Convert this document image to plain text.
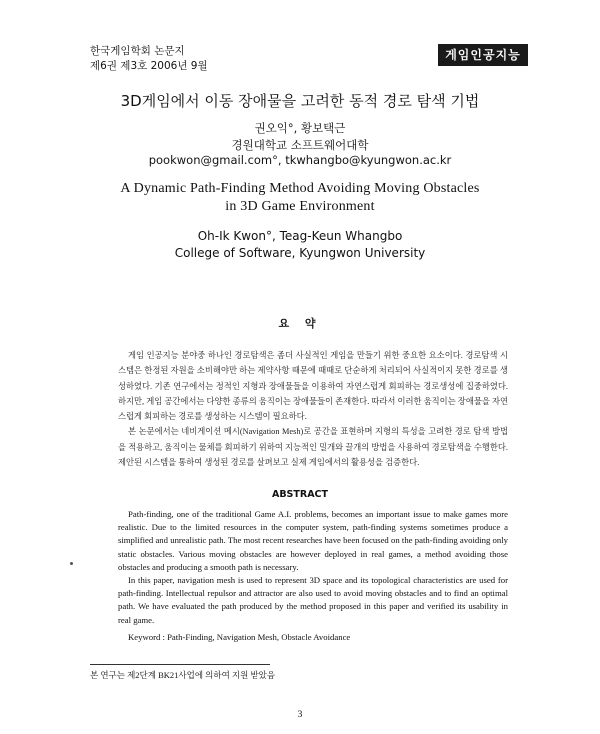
한국게임학회 논문지
제6권 제3호 2006년 9월
게임인공지능
3D게임에서 이동 장애물을 고려한 동적 경로 탐색 기법
권오익°, 황보택근
경원대학교 소프트웨어대학
pookwon@gmail.com°, tkwhangbo@kyungwon.ac.kr
A Dynamic Path-Finding Method Avoiding Moving Obstacles
in 3D Game Environment
Oh-Ik Kwon°, Teag-Keun Whangbo
College of Software, Kyungwon University
요 약

게임 인공지능 분야중 하나인 경로탐색은 좀더 사실적인 게임을 만들기 위한 중요한 요소이다. 경로탐색 시스템은 한정된 자원을 소비해야만 하는 제약사항 때문에 때때로 단순하게 처리되어 사실적이지 못한 경로를 생성하였다. 기존 연구에서는 정적인 지형과 장애물들을 이용하여 자연스럽게 회피하는 경로생성에 집중하였다. 하지만, 게임 공간에서는 다양한 종류의 움직이는 장애물들이 존재한다. 따라서 이러한 움직이는 장애물을 자연스럽게 회피하는 경로를 생성하는 시스템이 필요하다.

본 논문에서는 네비게이션 메시(Navigation Mesh)로 공간을 표현하며 지형의 특성을 고려한 경로 탐색 방법을 적용하고, 움직이는 물체를 회피하기 위하여 지능적인 밀개와 끌개의 방법을 사용하여 경로탐색을 수행한다. 제안된 시스템을 통하여 생성된 경로를 살펴보고 실제 게임에서의 활용성을 검증한다.

ABSTRACT

Path-finding, one of the traditional Game A.I. problems, becomes an important issue to make games more realistic. Due to the limited resources in the computer system, path-finding systems sometimes produce a simplified and unrealistic path. The most recent researches have been focused on the path-finding avoiding only static obstacles. Various moving obstacles are however deployed in real games, a method avoiding those obstacles and producing a smooth path is necessary.

In this paper, navigation mesh is used to represent 3D space and its topological characteristics are used for path-finding. Intellectual repulsor and attractor are also used to avoid moving obstacles and to find an optimal path. We have evaluated the path produced by the method proposed in this paper and verified its usability in real game.

Keyword : Path-Finding, Navigation Mesh, Obstacle Avoidance
본 연구는 제2단계 BK21사업에 의하여 지원 받았음
3
